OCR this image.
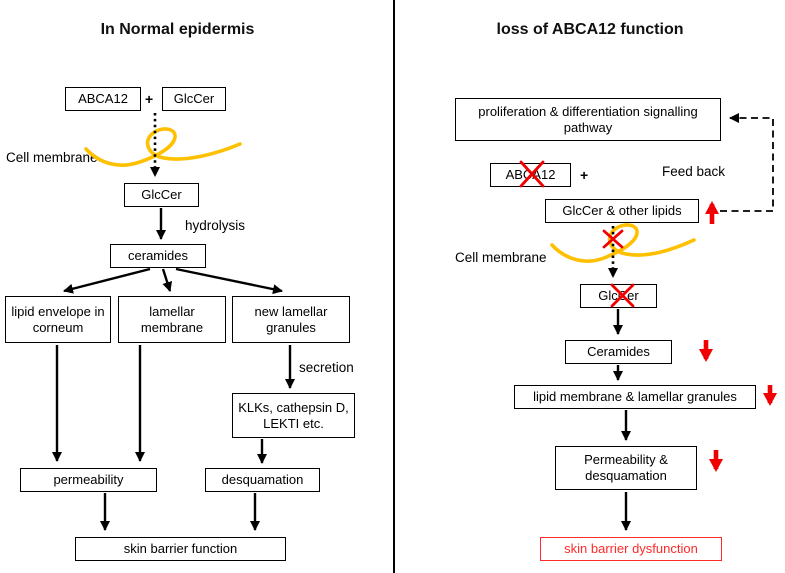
In Normal epidermis
ABCA12	+	GlcCer
Cell membrane
GlcCer
hydrolysis
ceramides
lipid envelope in corneum
lamellar membrane
new lamellar granules
secretion
KLKs, cathepsin D, LEKTI etc.
permeability	desquamation
skin barrier function
loss of ABCA12 function
proliferation & differentiation signalling pathway
ABCA12	+	Feed back
GlcCer & other lipids
Cell membrane
GlcCer
Ceramides
lipid membrane & lamellar granules
Permeability & desquamation
skin barrier dysfunction
